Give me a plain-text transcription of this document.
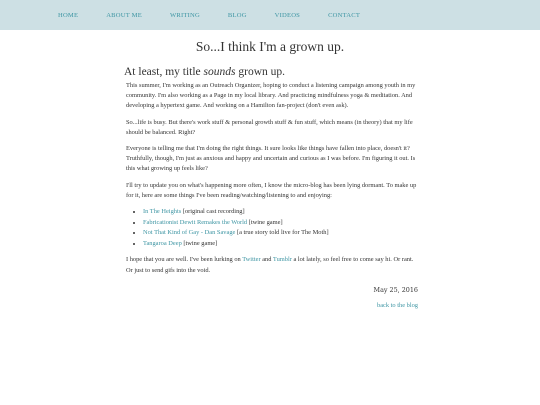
HOME	ABOUT ME	WRITING	BLOG	VIDEOS	CONTACT
So...I think I'm a grown up.
At least, my title sounds grown up.

This summer, I'm working as an Outreach Organizer, hoping to conduct a listening campaign among youth in my community. I'm also working as a Page in my local library. And practicing mindfulness yoga & meditation. And developing a hypertext game. And working on a Hamilton fan-project (don't even ask).

So...life is busy. But there's work stuff & personal growth stuff & fun stuff, which means (in theory) that my life should be balanced. Right?

Everyone is telling me that I'm doing the right things. It sure looks like things have fallen into place, doesn't it? Truthfully, though, I'm just as anxious and happy and uncertain and curious as I was before. I'm figuring it out. Is this what growing up feels like?

I'll try to update you on what's happening more often, I know the micro-blog has been lying dormant. To make up for it, here are some things I've been reading/watching/listening to and enjoying:

• In The Heights [original cast recording]
• Fabricationist Dewit Remakes the World [twine game]
• Not That Kind of Gay - Dan Savage [a true story told live for The Moth]
• Tangaroa Deep [twine game]

I hope that you are well. I've been lurking on Twitter and Tumblr a lot lately, so feel free to come say hi. Or rant. Or just to send gifs into the void.

May 25, 2016
back to the blog
